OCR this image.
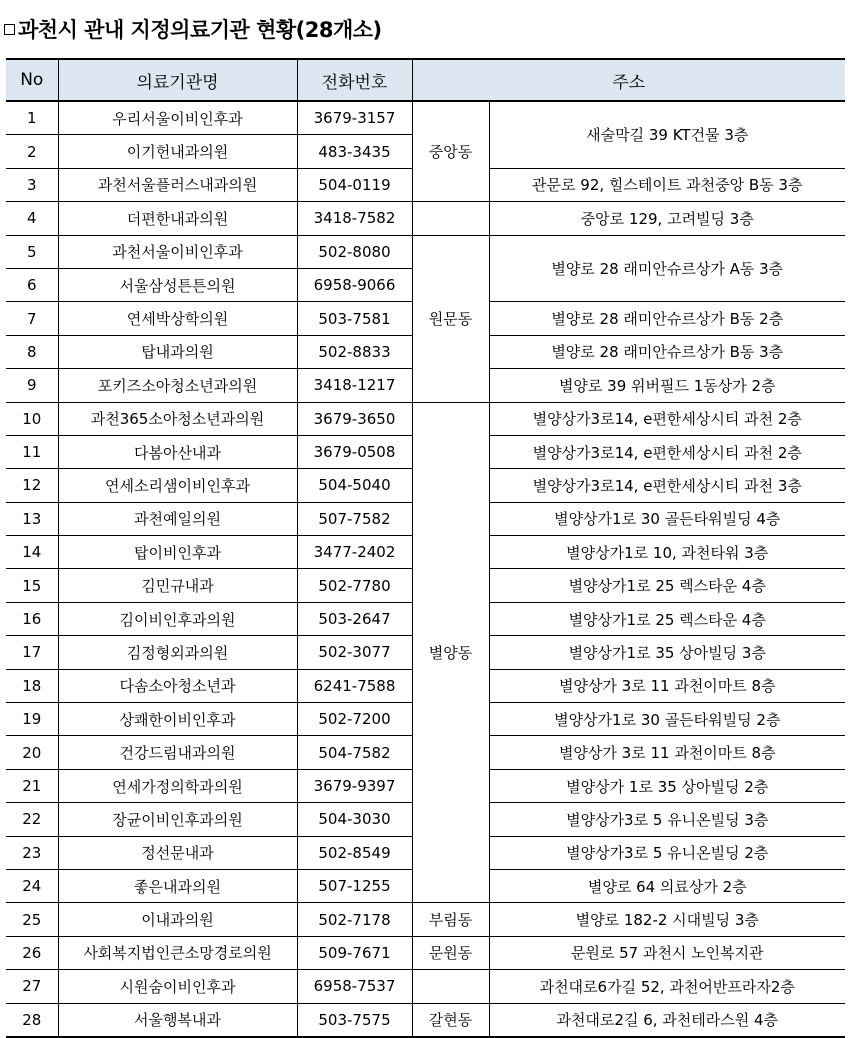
과천시 관내 지정의료기관 현황(28개소)
No	의료기관명	전화번호	주소	
1	우리서울이비인후과	3679-3157	중앙동	새술막길 39 KT건물 3층
2	이기헌내과의원	483-3435		
3	과천서울플러스내과의원	504-0119		관문로 92, 힐스테이트 과천중앙 B동 3층
4	더편한내과의원	3418-7582		중앙로 129, 고려빌딩 3층
5	과천서울이비인후과	502-8080	원문동	별양로 28 래미안슈르상가 A동 3층
6	서울삼성튼튼의원	6958-9066		
7	연세박상학의원	503-7581		별양로 28 래미안슈르상가 B동 2층
8	탑내과의원	502-8833		별양로 28 래미안슈르상가 B동 3층
9	포키즈소아청소년과의원	3418-1217		별양로 39 위버필드 1동상가 2층
10	과천365소아청소년과의원	3679-3650	별양동	별양상가3로14, e편한세상시티 과천 2층
11	다봄아산내과	3679-0508		별양상가3로14, e편한세상시티 과천 2층
12	연세소리샘이비인후과	504-5040		별양상가3로14, e편한세상시티 과천 3층
13	과천예일의원	507-7582		별양상가1로 30 골든타워빌딩 4층
14	탑이비인후과	3477-2402		별양상가1로 10, 과천타워 3층
15	김민규내과	502-7780		별양상가1로 25 렉스타운 4층
16	김이비인후과의원	503-2647		별양상가1로 25 렉스타운 4층
17	김정형외과의원	502-3077		별양상가1로 35 상아빌딩 3층
18	다솜소아청소년과	6241-7588		별양상가 3로 11 과천이마트 8층
19	상쾌한이비인후과	502-7200		별양상가1로 30 골든타워빌딩 2층
20	건강드림내과의원	504-7582		별양상가 3로 11 과천이마트 8층
21	연세가정의학과의원	3679-9397		별양상가 1로 35 상아빌딩 2층
22	장균이비인후과의원	504-3030		별양상가3로 5 유니온빌딩 3층
23	정선문내과	502-8549		별양상가3로 5 유니온빌딩 2층
24	좋은내과의원	507-1255		별양로 64 의료상가 2층
25	이내과의원	502-7178	부림동	별양로 182-2 시대빌딩 3층
26	사회복지법인큰소망경로의원	509-7671	문원동	문원로 57 과천시 노인복지관
27	시원숨이비인후과	6958-7537		과천대로6가길 52, 과천어반프라자2층
28	서울행복내과	503-7575	갈현동	과천대로2길 6, 과천테라스원 4층
